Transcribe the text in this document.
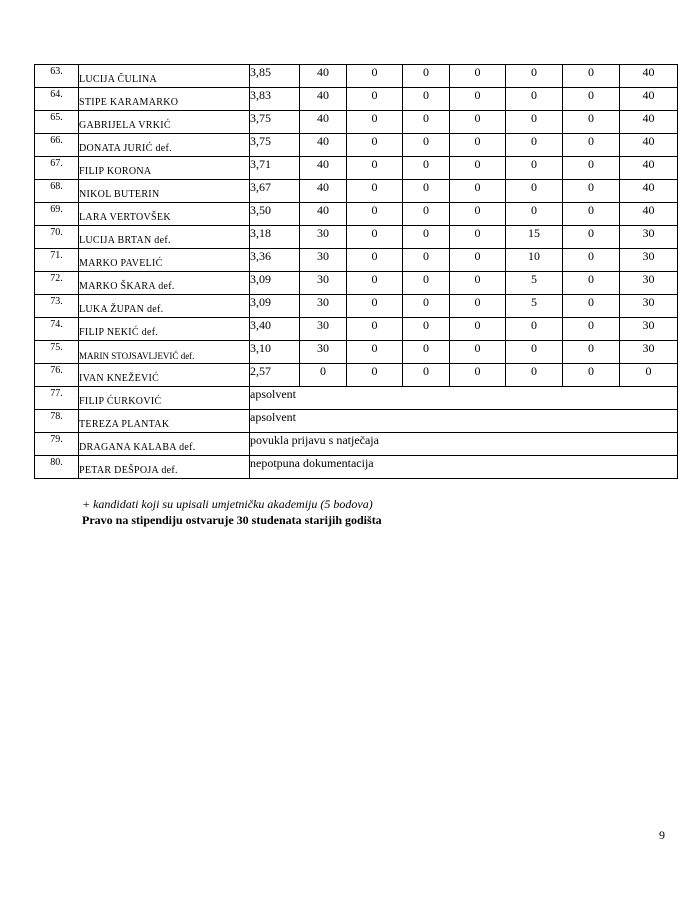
63.	LUCIJA ČULINA	3,85	40	0	0	0	0	0	40
64.	STIPE KARAMARKO	3,83	40	0	0	0	0	0	40
65.	GABRIJELA VRKIĆ	3,75	40	0	0	0	0	0	40
66.	DONATA JURIĆ def.	3,75	40	0	0	0	0	0	40
67.	FILIP KORONA	3,71	40	0	0	0	0	0	40
68.	NIKOL BUTERIN	3,67	40	0	0	0	0	0	40
69.	LARA VERTOVŠEK	3,50	40	0	0	0	0	0	40
70.	LUCIJA BRTAN def.	3,18	30	0	0	0	15	0	30
71.	MARKO PAVELIĆ	3,36	30	0	0	0	10	0	30
72.	MARKO ŠKARA def.	3,09	30	0	0	0	5	0	30
73.	LUKA ŽUPAN def.	3,09	30	0	0	0	5	0	30
74.	FILIP NEKIĆ def.	3,40	30	0	0	0	0	0	30
75.	MARIN STOJSAVLJEVIĆ def.	3,10	30	0	0	0	0	0	30
76.	IVAN KNEŽEVIĆ	2,57	0	0	0	0	0	0	0
77.	FILIP ĆURKOVIĆ	apsolvent							
78.	TEREZA PLANTAK	apsolvent							
79.	DRAGANA KALABA def.	povukla prijavu s natječaja							
80.	PETAR DEŠPOJA def.	nepotpuna dokumentacija							
+ kandidati koji su upisali umjetničku akademiju (5 bodova)
Pravo na stipendiju ostvaruje 30 studenata starijih godišta
9
